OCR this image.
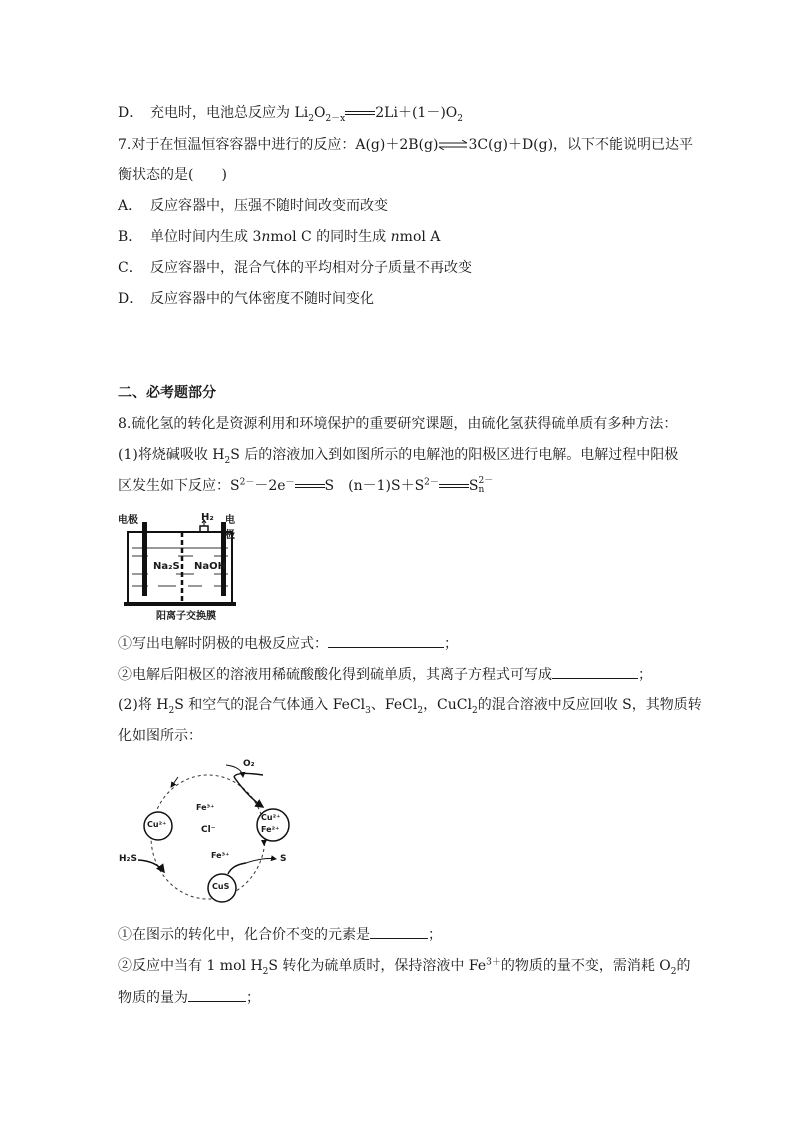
D． 充电时，电池总反应为 $Li_2O_{2-x}$ $2Li+(1-)O_2$
7.对于在恒温恒容容器中进行的反应：A(g)＋2B(g)⇌3C(g)＋D(g)，以下不能说明已达平
衡状态的是(　　)
A． 反应容器中，压强不随时间改变而改变
B． 单位时间内生成 3nmol C 的同时生成 nmol A
C． 反应容器中，混合气体的平均相对分子质量不再改变
D． 反应容器中的气体密度不随时间变化
二、必考题部分
8.硫化氢的转化是资源利用和环境保护的重要研究课题，由硫化氢获得硫单质有多种方法：
(1)将烧碱吸收 $H_2S$ 后的溶液加入到如图所示的电解池的阳极区进行电解。电解过程中阳极
区发生如下反应：$S^{2-}-2e^-$ S　$(n-1)S+S^{2-}$ S 2－
n
电极	H₂ 电极
Na₂S NaOH
阳离子交换膜
①写出电解时阴极的电极反应式：	；
②电解后阳极区的溶液用稀硫酸酸化得到硫单质，其离子方程式可写成	；
(2)将 $H_2S$ 和空气的混合气体通入 FeCl$_3$、FeCl$_2$，CuCl$_2$的混合溶液中反应回收 S，其物质转
化如图所示：
O₂
Cu²⁺
Fe³⁺
Cl⁻
Cu²⁺
Fe²⁺
H₂S	Fe³⁺	S
CuS
①在图示的转化中，化合价不变的元素是	；
②反应中当有 1 mol $H_2S$ 转化为硫单质时，保持溶液中 $Fe^{3+}$的物质的量不变，需消耗 $O_2$的
物质的量为	；
